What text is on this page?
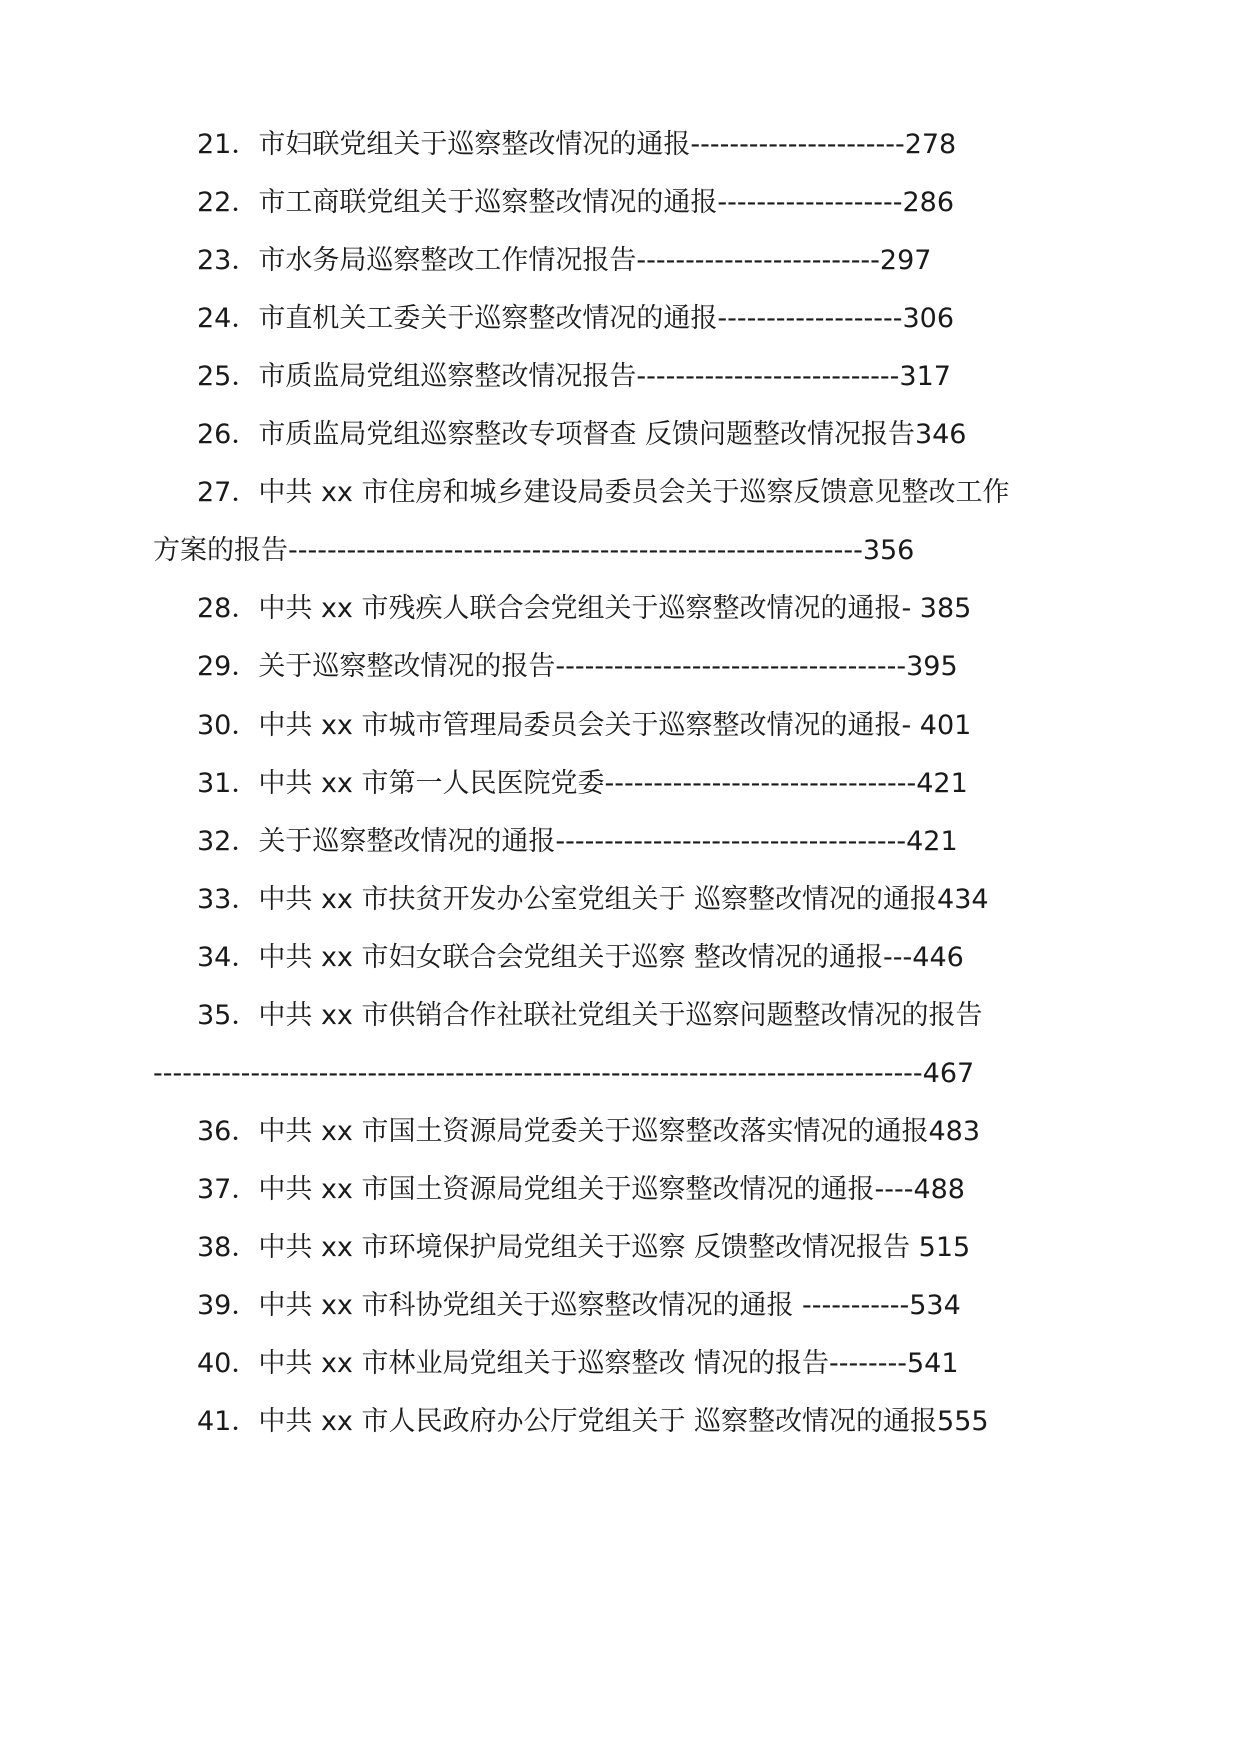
21．市妇联党组关于巡察整改情况的通报----------------------278
22．市工商联党组关于巡察整改情况的通报-------------------286
23．市水务局巡察整改工作情况报告-------------------------297
24．市直机关工委关于巡察整改情况的通报-------------------306
25．市质监局党组巡察整改情况报告---------------------------317
26．市质监局党组巡察整改专项督查 反馈问题整改情况报告346
27．中共 xx 市住房和城乡建设局委员会关于巡察反馈意见整改工作
方案的报告-----------------------------------------------------------356
28．中共 xx 市残疾人联合会党组关于巡察整改情况的通报- 385
29．关于巡察整改情况的报告------------------------------------395
30．中共 xx 市城市管理局委员会关于巡察整改情况的通报- 401
31．中共 xx 市第一人民医院党委--------------------------------421
32．关于巡察整改情况的通报------------------------------------421
33．中共 xx 市扶贫开发办公室党组关于 巡察整改情况的通报434
34．中共 xx 市妇女联合会党组关于巡察 整改情况的通报---446
35．中共 xx 市供销合作社联社党组关于巡察问题整改情况的报告
-------------------------------------------------------------------------------467
36．中共 xx 市国土资源局党委关于巡察整改落实情况的通报483
37．中共 xx 市国土资源局党组关于巡察整改情况的通报----488
38．中共 xx 市环境保护局党组关于巡察 反馈整改情况报告 515
39．中共 xx 市科协党组关于巡察整改情况的通报 -----------534
40．中共 xx 市林业局党组关于巡察整改 情况的报告--------541
41．中共 xx 市人民政府办公厅党组关于 巡察整改情况的通报555
